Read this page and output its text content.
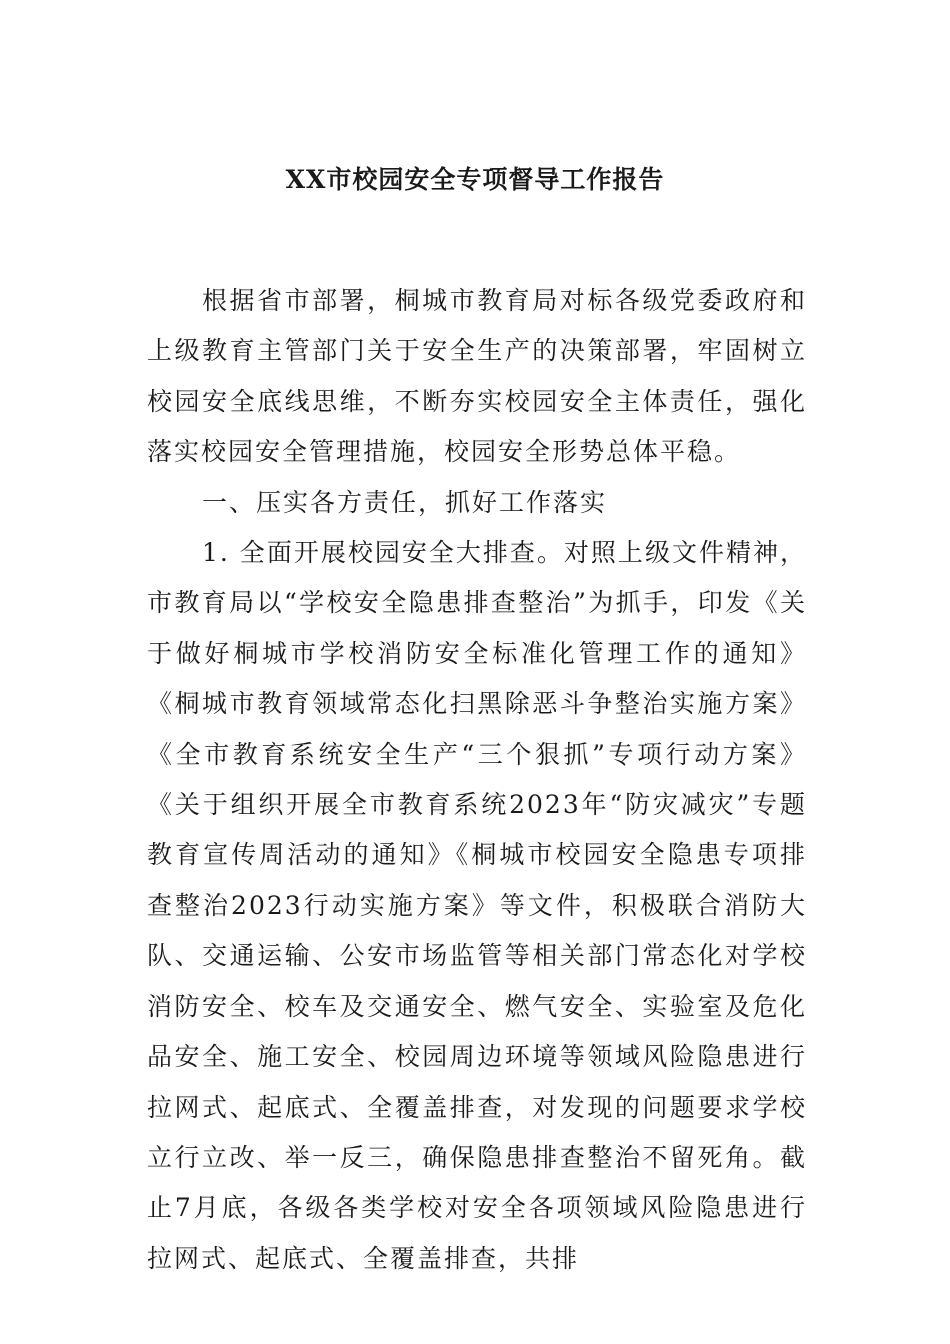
XX市校园安全专项督导工作报告

根据省市部署，桐城市教育局对标各级党委政府和上级教育主管部门关于安全生产的决策部署，牢固树立校园安全底线思维，不断夯实校园安全主体责任，强化落实校园安全管理措施，校园安全形势总体平稳。

一、压实各方责任，抓好工作落实

1. 全面开展校园安全大排查。对照上级文件精神，市教育局以“学校安全隐患排查整治”为抓手，印发《关于做好桐城市学校消防安全标准化管理工作的通知》《桐城市教育领域常态化扫黑除恶斗争整治实施方案》《全市教育系统安全生产“三个狠抓”专项行动方案》《关于组织开展全市教育系统2023年“防灾减灾”专题教育宣传周活动的通知》《桐城市校园安全隐患专项排查整治2023行动实施方案》等文件，积极联合消防大队、交通运输、公安市场监管等相关部门常态化对学校消防安全、校车及交通安全、燃气安全、实验室及危化品安全、施工安全、校园周边环境等领域风险隐患进行拉网式、起底式、全覆盖排查，对发现的问题要求学校立行立改、举一反三，确保隐患排查整治不留死角。截止7月底，各级各类学校对安全各项领域风险隐患进行拉网式、起底式、全覆盖排查，共排
